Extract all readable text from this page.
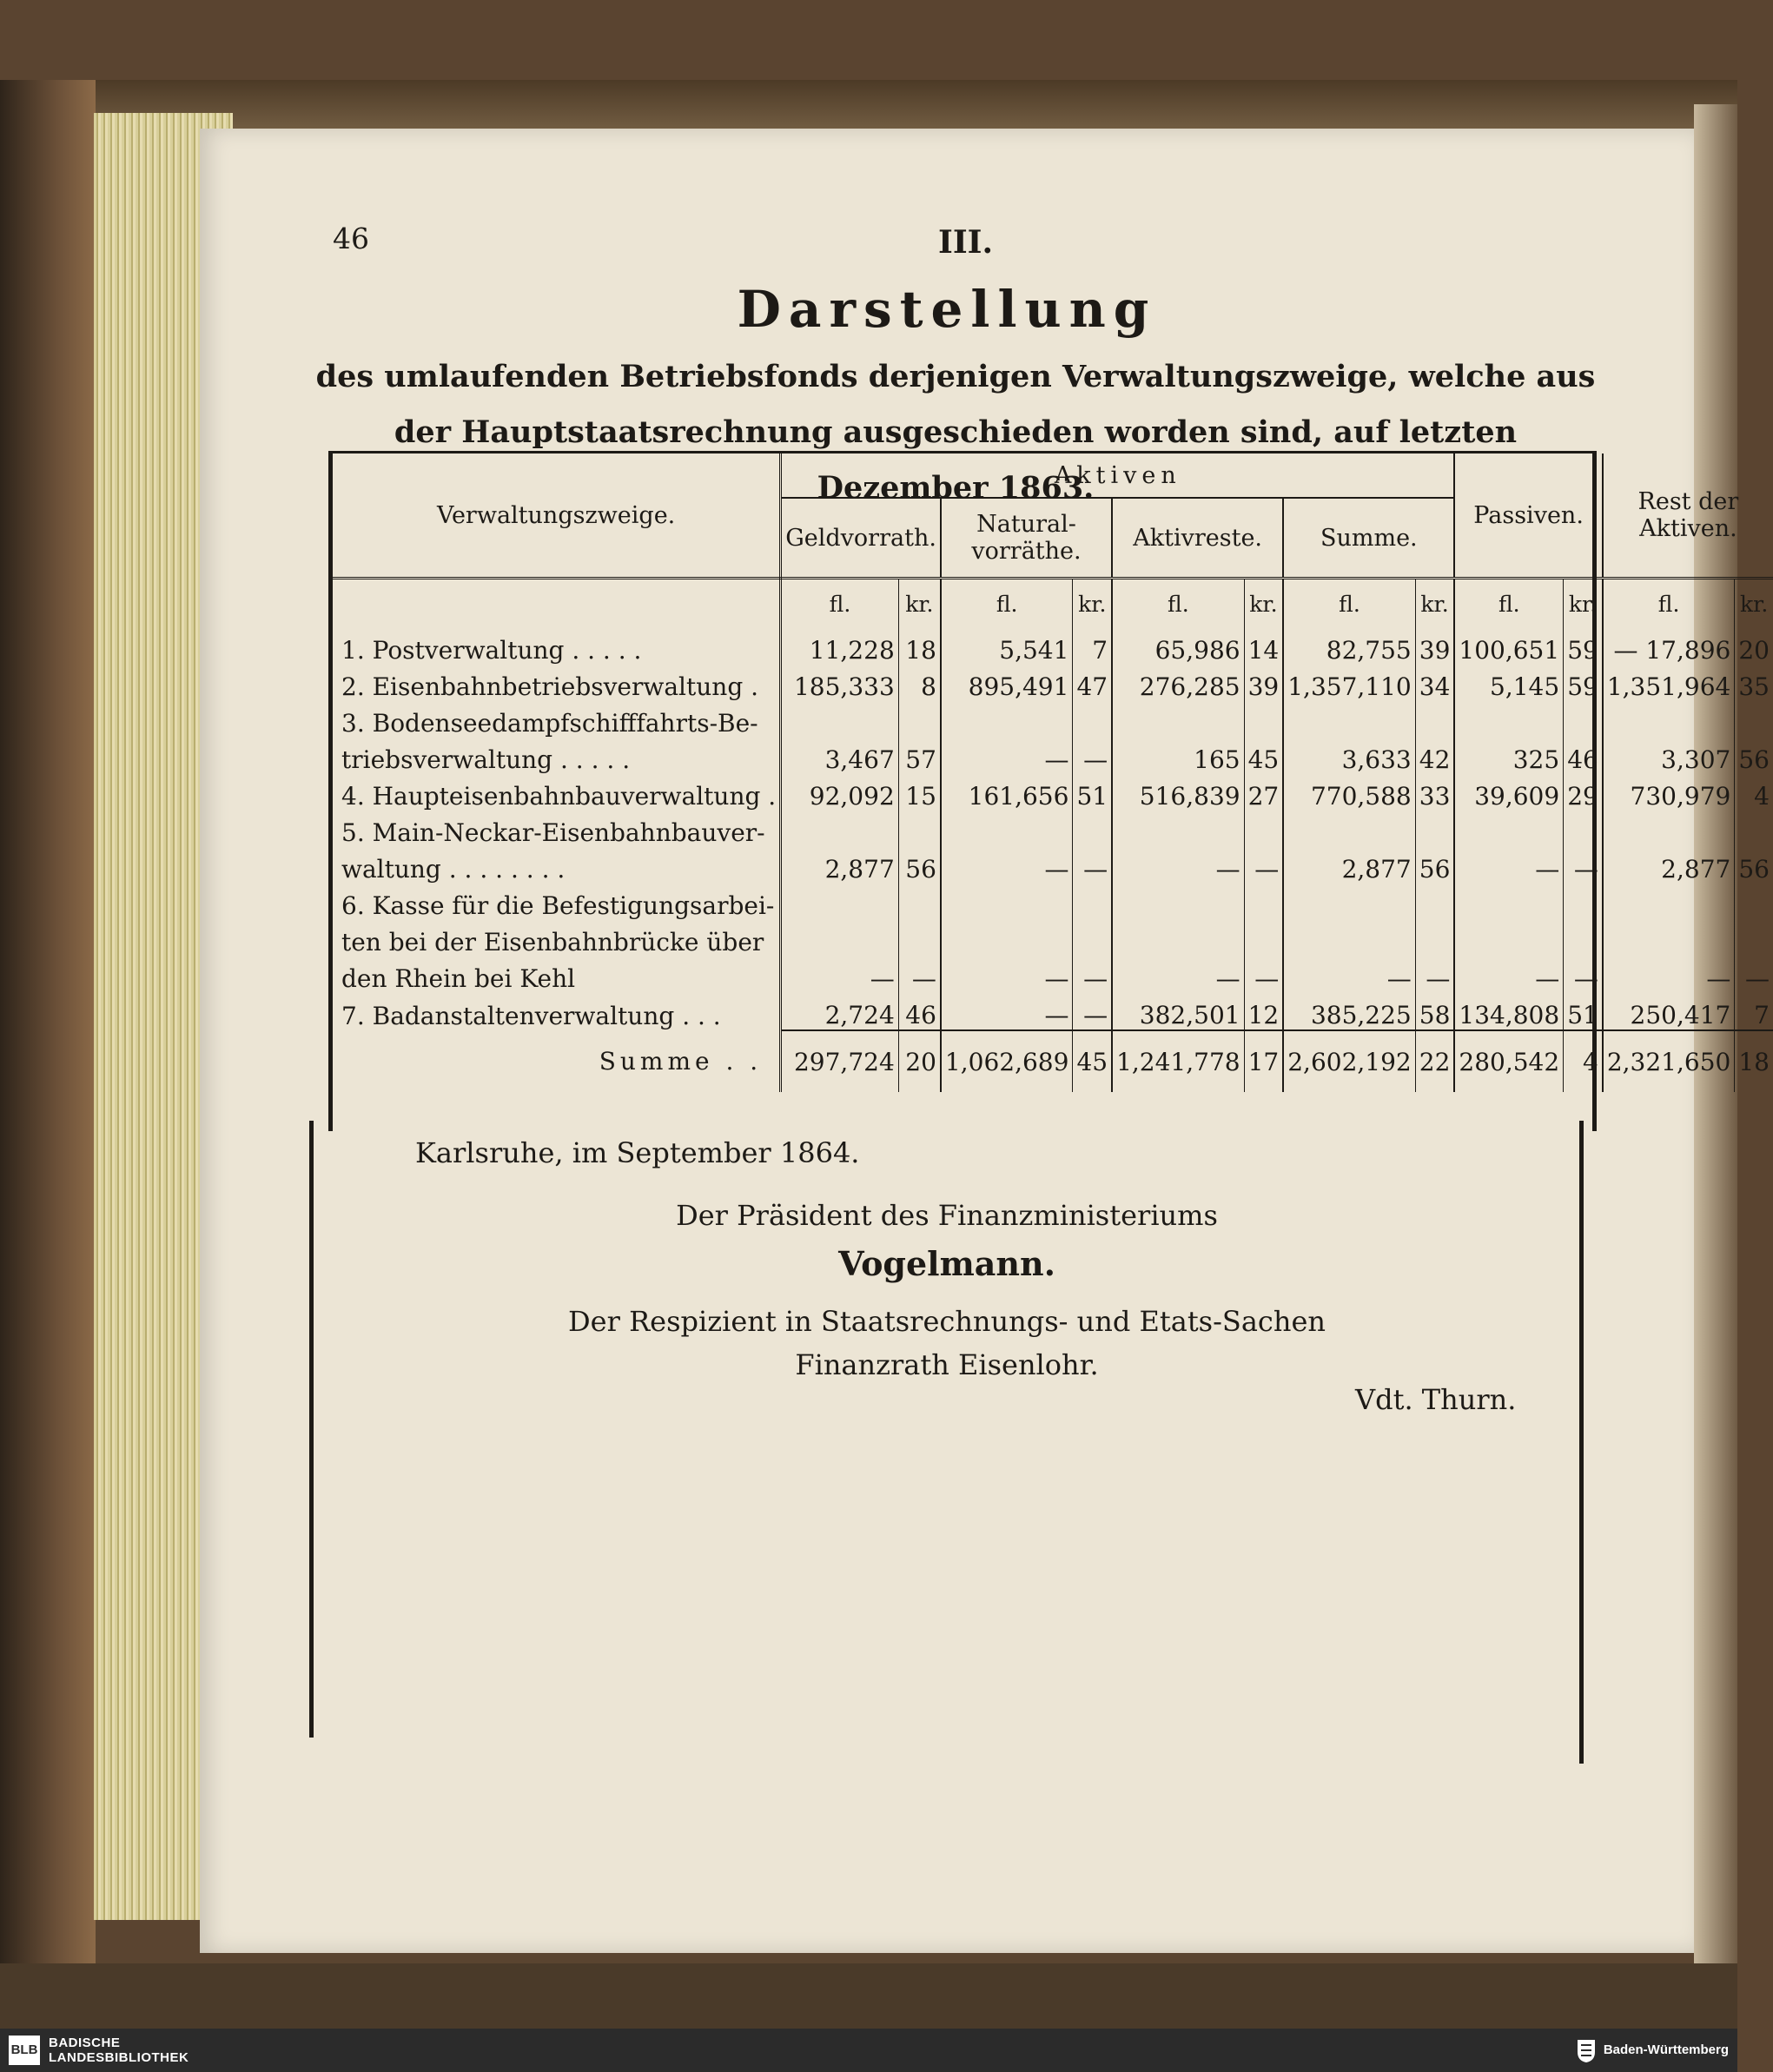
46	III.
Darstellung
des umlaufenden Betriebsfonds derjenigen Verwaltungszweige, welche aus der Hauptstaatsrechnung ausgeschieden worden sind, auf letzten Dezember 1863.
Verwaltungszweige.	Aktiven								Passiven.		Rest der Aktiven.	
	Geldvorrath.		Natural-vorräthe.		Aktivreste.		Summe.					
	fl.	kr.	fl.	kr.	fl.	kr.	fl.	kr.	fl.	kr.	fl.	kr.
1. Postverwaltung . . . . .	11,228	18	5,541	7	65,986	14	82,755	39	100,651	59	— 17,896	20
2. Eisenbahnbetriebsverwaltung .	185,333	8	895,491	47	276,285	39	1,357,110	34	5,145	59	1,351,964	35
3. Bodenseedampfschifffahrts-Be-												
triebsverwaltung . . . . .	3,467	57	—	—	165	45	3,633	42	325	46	3,307	56
4. Haupteisenbahnbauverwaltung .	92,092	15	161,656	51	516,839	27	770,588	33	39,609	29	730,979	4
5. Main-Neckar-Eisenbahnbauver-												
waltung . . . . . . . .	2,877	56	—	—	—	—	2,877	56	—	—	2,877	56
6. Kasse für die Befestigungsarbei-												
ten bei der Eisenbahnbrücke über												
den Rhein bei Kehl	—	—	—	—	—	—	—	—	—	—	—	—
7. Badanstaltenverwaltung . . .	2,724	46	—	—	382,501	12	385,225	58	134,808	51	250,417	7
Summe . .	297,724	20	1,062,689	45	1,241,778	17	2,602,192	22	280,542	4	2,321,650	18
Karlsruhe, im September 1864.
Der Präsident des Finanzministeriums
Vogelmann.
Der Respizient in Staatsrechnungs- und Etats-Sachen
Finanzrath Eisenlohr.
Vdt. Thurn.
BLB BADISCHE
LANDESBIBLIOTHEK
Baden-Württemberg
